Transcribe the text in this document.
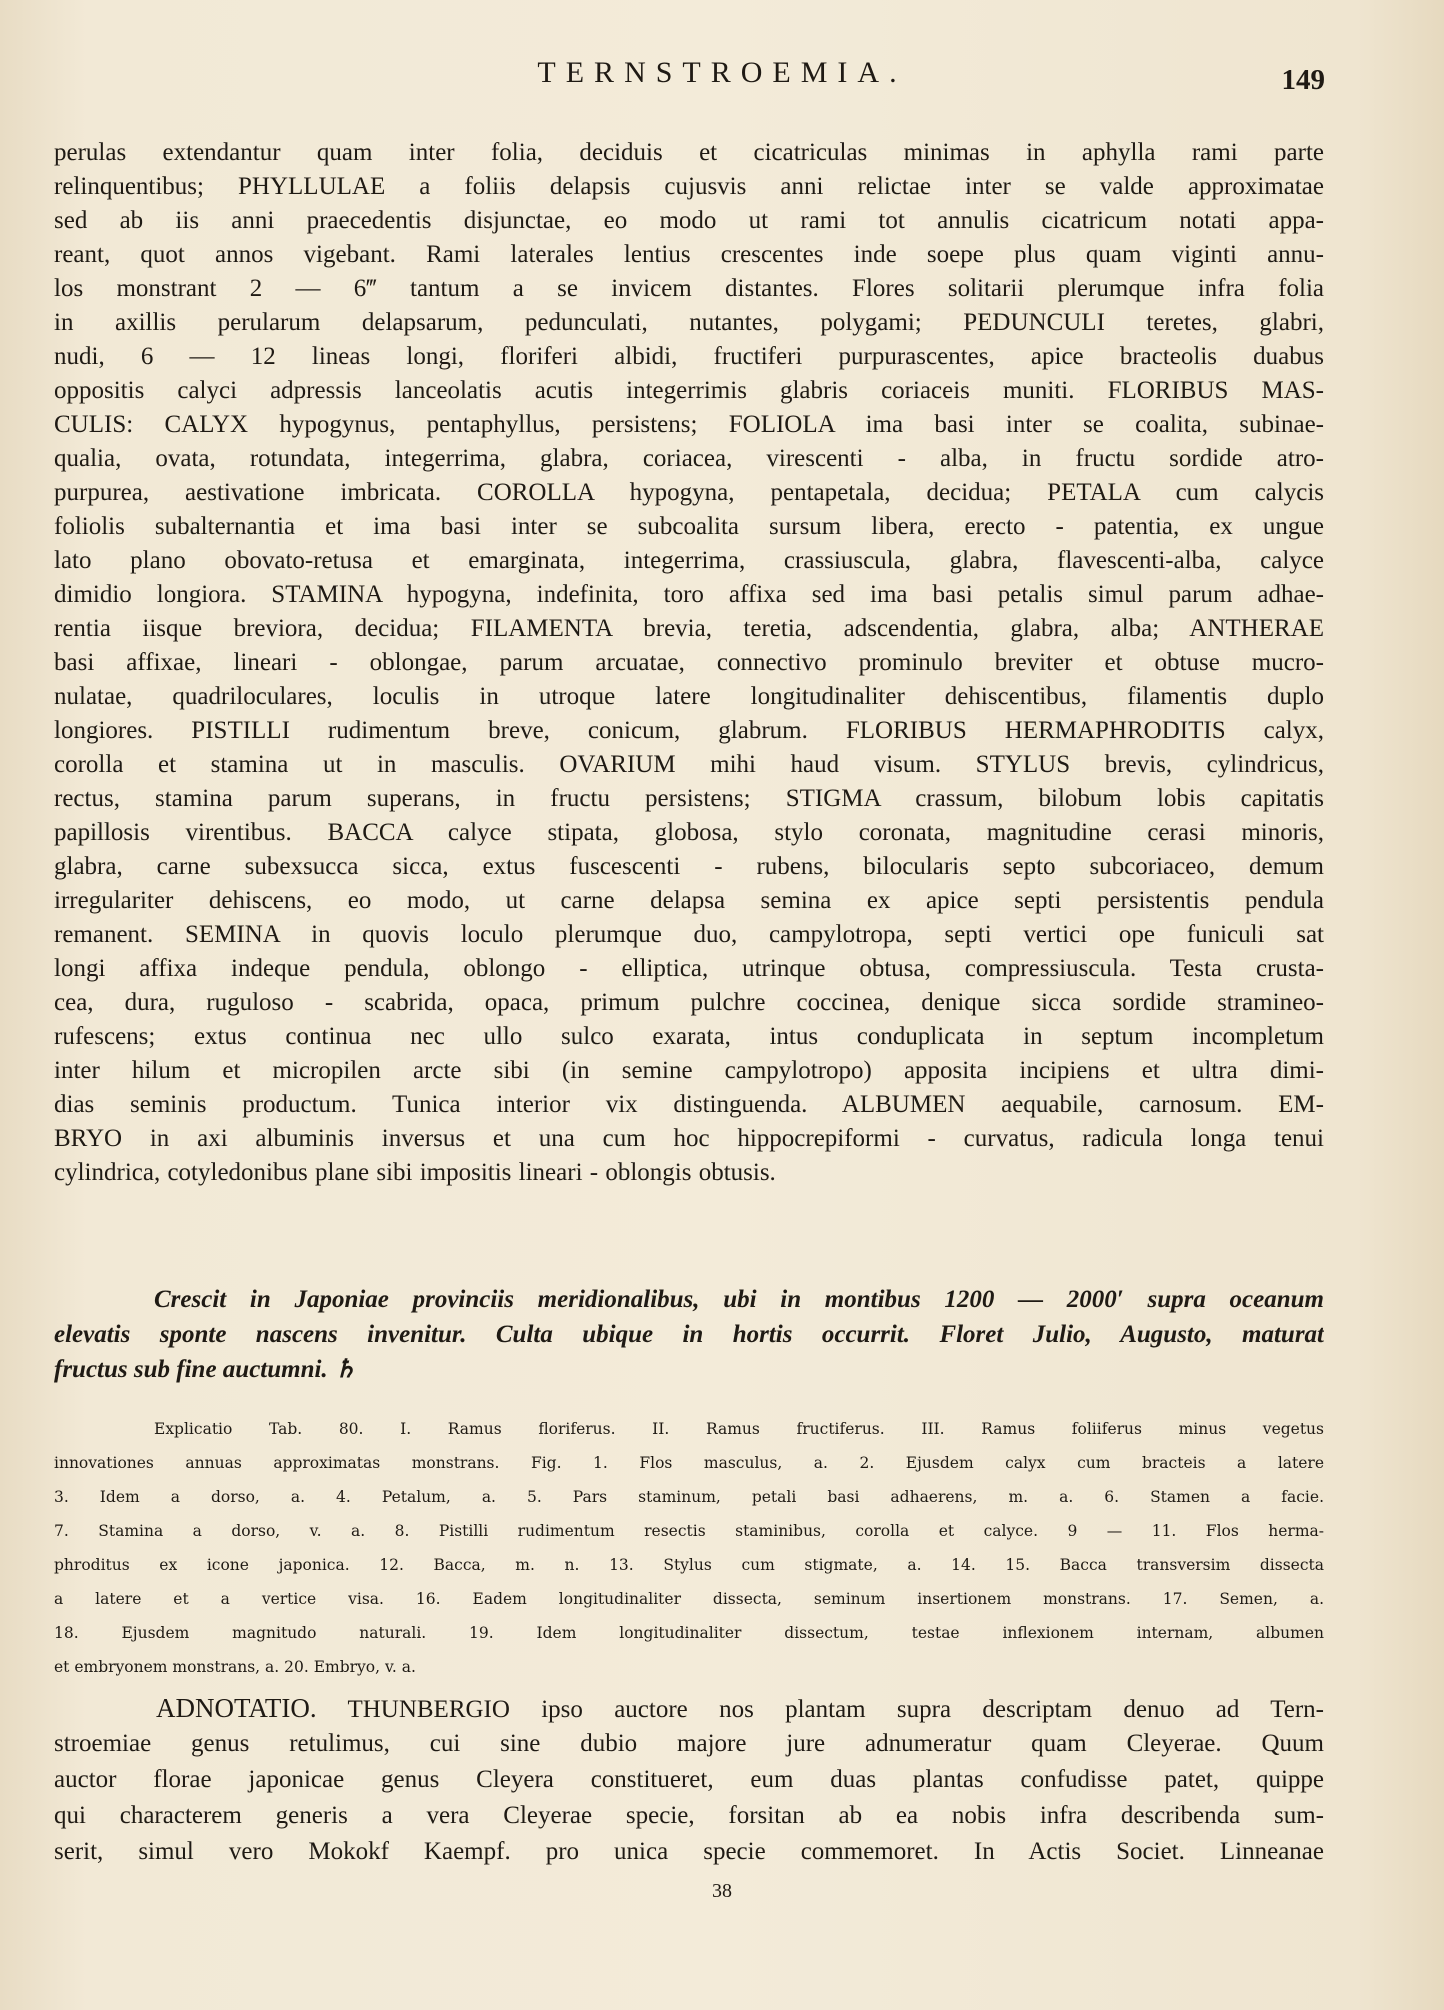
TERNSTROEMIA.	149
perulas extendantur quam inter folia, deciduis et cicatriculas minimas in aphylla rami parte
relinquentibus; PHYLLULAE a foliis delapsis cujusvis anni relictae inter se valde approximatae
sed ab iis anni praecedentis disjunctae, eo modo ut rami tot annulis cicatricum notati appa-
reant, quot annos vigebant. Rami laterales lentius crescentes inde soepe plus quam viginti annu-
los monstrant 2 — 6‴ tantum a se invicem distantes. Flores solitarii plerumque infra folia
in axillis perularum delapsarum, pedunculati, nutantes, polygami; PEDUNCULI teretes, glabri,
nudi, 6 — 12 lineas longi, floriferi albidi, fructiferi purpurascentes, apice bracteolis duabus
oppositis calyci adpressis lanceolatis acutis integerrimis glabris coriaceis muniti. FLORIBUS MAS-
CULIS: CALYX hypogynus, pentaphyllus, persistens; FOLIOLA ima basi inter se coalita, subinae-
qualia, ovata, rotundata, integerrima, glabra, coriacea, virescenti - alba, in fructu sordide atro-
purpurea, aestivatione imbricata. COROLLA hypogyna, pentapetala, decidua; PETALA cum calycis
foliolis subalternantia et ima basi inter se subcoalita sursum libera, erecto - patentia, ex ungue
lato plano obovato-retusa et emarginata, integerrima, crassiuscula, glabra, flavescenti-alba, calyce
dimidio longiora. STAMINA hypogyna, indefinita, toro affixa sed ima basi petalis simul parum adhae-
rentia iisque breviora, decidua; FILAMENTA brevia, teretia, adscendentia, glabra, alba; ANTHERAE
basi affixae, lineari - oblongae, parum arcuatae, connectivo prominulo breviter et obtuse mucro-
nulatae, quadriloculares, loculis in utroque latere longitudinaliter dehiscentibus, filamentis duplo
longiores. PISTILLI rudimentum breve, conicum, glabrum. FLORIBUS HERMAPHRODITIS calyx,
corolla et stamina ut in masculis. OVARIUM mihi haud visum. STYLUS brevis, cylindricus,
rectus, stamina parum superans, in fructu persistens; STIGMA crassum, bilobum lobis capitatis
papillosis virentibus. BACCA calyce stipata, globosa, stylo coronata, magnitudine cerasi minoris,
glabra, carne subexsucca sicca, extus fuscescenti - rubens, bilocularis septo subcoriaceo, demum
irregulariter dehiscens, eo modo, ut carne delapsa semina ex apice septi persistentis pendula
remanent. SEMINA in quovis loculo plerumque duo, campylotropa, septi vertici ope funiculi sat
longi affixa indeque pendula, oblongo - elliptica, utrinque obtusa, compressiuscula. Testa crusta-
cea, dura, ruguloso - scabrida, opaca, primum pulchre coccinea, denique sicca sordide stramineo-
rufescens; extus continua nec ullo sulco exarata, intus conduplicata in septum incompletum
inter hilum et micropilen arcte sibi (in semine campylotropo) apposita incipiens et ultra dimi-
dias seminis productum. Tunica interior vix distinguenda. ALBUMEN aequabile, carnosum. EM-
BRYO in axi albuminis inversus et una cum hoc hippocrepiformi - curvatus, radicula longa tenui
cylindrica, cotyledonibus plane sibi impositis lineari - oblongis obtusis.
Crescit in Japoniae provinciis meridionalibus, ubi in montibus 1200 — 2000′ supra oceanum
elevatis sponte nascens invenitur. Culta ubique in hortis occurrit. Floret Julio, Augusto, maturat
fructus sub fine auctumni. ♄
Explicatio Tab. 80. I. Ramus floriferus. II. Ramus fructiferus. III. Ramus foliiferus minus vegetus
innovationes annuas approximatas monstrans. Fig. 1. Flos masculus, a. 2. Ejusdem calyx cum bracteis a latere
3. Idem a dorso, a. 4. Petalum, a. 5. Pars staminum, petali basi adhaerens, m. a. 6. Stamen a facie.
7. Stamina a dorso, v. a. 8. Pistilli rudimentum resectis staminibus, corolla et calyce. 9 — 11. Flos herma-
phroditus ex icone japonica. 12. Bacca, m. n. 13. Stylus cum stigmate, a. 14. 15. Bacca transversim dissecta
a latere et a vertice visa. 16. Eadem longitudinaliter dissecta, seminum insertionem monstrans. 17. Semen, a.
18. Ejusdem magnitudo naturali. 19. Idem longitudinaliter dissectum, testae inflexionem internam, albumen
et embryonem monstrans, a. 20. Embryo, v. a.
ADNOTATIO. THUNBERGIO ipso auctore nos plantam supra descriptam denuo ad Tern-
stroemiae genus retulimus, cui sine dubio majore jure adnumeratur quam Cleyerae. Quum
auctor florae japonicae genus Cleyera constitueret, eum duas plantas confudisse patet, quippe
qui characterem generis a vera Cleyerae specie, forsitan ab ea nobis infra describenda sum-
serit, simul vero Mokokf Kaempf. pro unica specie commemoret. In Actis Societ. Linneanae
38
